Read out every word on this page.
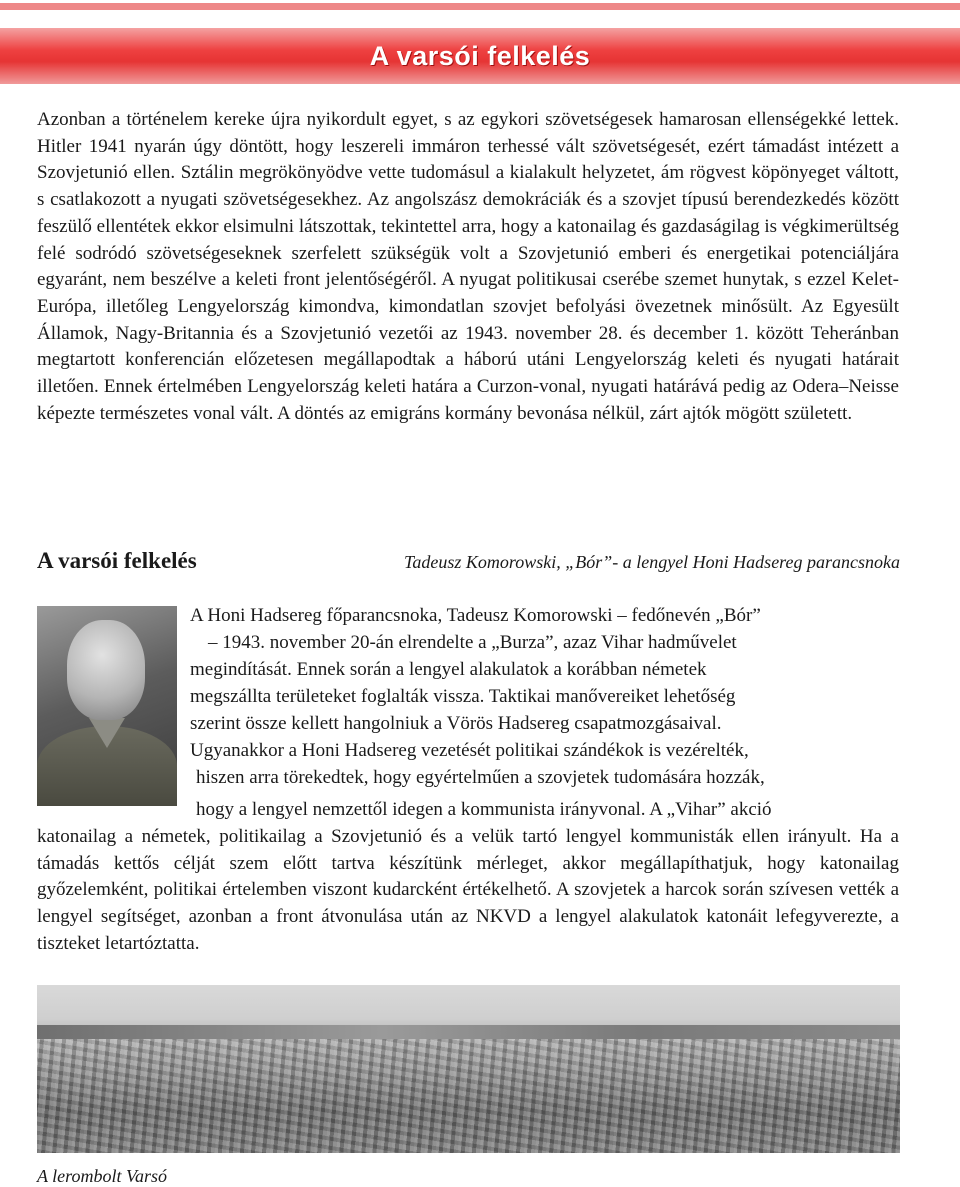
A varsói felkelés

Azonban a történelem kereke újra nyikordult egyet, s az egykori szövetségesek hamarosan ellenségekké lettek. Hitler 1941 nyarán úgy döntött, hogy leszereli immáron terhessé vált szövetségesét, ezért támadást intézett a Szovjetunió ellen. Sztálin megrökönyödve vette tudomásul a kialakult helyzetet, ám rögvest köpönyeget váltott, s csatlakozott a nyugati szövetségesekhez. Az angolszász demokráciák és a szovjet típusú berendezkedés között feszülő ellentétek ekkor elsimulni látszottak, tekintettel arra, hogy a katonailag és gazdaságilag is végkimerültség felé sodródó szövetségeseknek szerfelett szükségük volt a Szovjetunió emberi és energetikai potenciáljára egyaránt, nem beszélve a keleti front jelentőségéről. A nyugat politikusai cserébe szemet hunytak, s ezzel Kelet-Európa, illetőleg Lengyelország kimondva, kimondatlan szovjet befolyási övezetnek minősült. Az Egyesült Államok, Nagy-Britannia és a Szovjetunió vezetői az 1943. november 28. és december 1. között Teheránban megtartott konferencián előzetesen megállapodtak a háború utáni Lengyelország keleti és nyugati határait illetően. Ennek értelmében Lengyelország keleti határa a Curzon-vonal, nyugati határává pedig az Odera–Neisse képezte természetes vonal vált. A döntés az emigráns kormány bevonása nélkül, zárt ajtók mögött született.

A varsói felkelés	Tadeusz Komorowski, „Bór”- a lengyel Honi Hadsereg parancsnoka

A Honi Hadsereg főparancsnoka, Tadeusz Komorowski – fedőnevén „Bór”

– 1943. november 20-án elrendelte a „Burza”, azaz Vihar hadművelet

megindítását. Ennek során a lengyel alakulatok a korábban németek

megszállta területeket foglalták vissza. Taktikai manővereiket lehetőség

szerint össze kellett hangolniuk a Vörös Hadsereg csapatmozgásaival.

Ugyanakkor a Honi Hadsereg vezetését politikai szándékok is vezérelték,

hiszen arra törekedtek, hogy egyértelműen a szovjetek tudomására hozzák,

hogy a lengyel nemzettől idegen a kommunista irányvonal. A „Vihar” akció

katonailag a németek, politikailag a Szovjetunió és a velük tartó lengyel kommunisták ellen irányult. Ha a támadás kettős célját szem előtt tartva készítünk mérleget, akkor megállapíthatjuk, hogy katonailag győzelemként, politikai értelemben viszont kudarcként értékelhető. A szovjetek a harcok során szívesen vették a lengyel segítséget, azonban a front átvonulása után az NKVD a lengyel alakulatok katonáit lefegyverezte, a tiszteket letartóztatta.

A lerombolt Varsó
